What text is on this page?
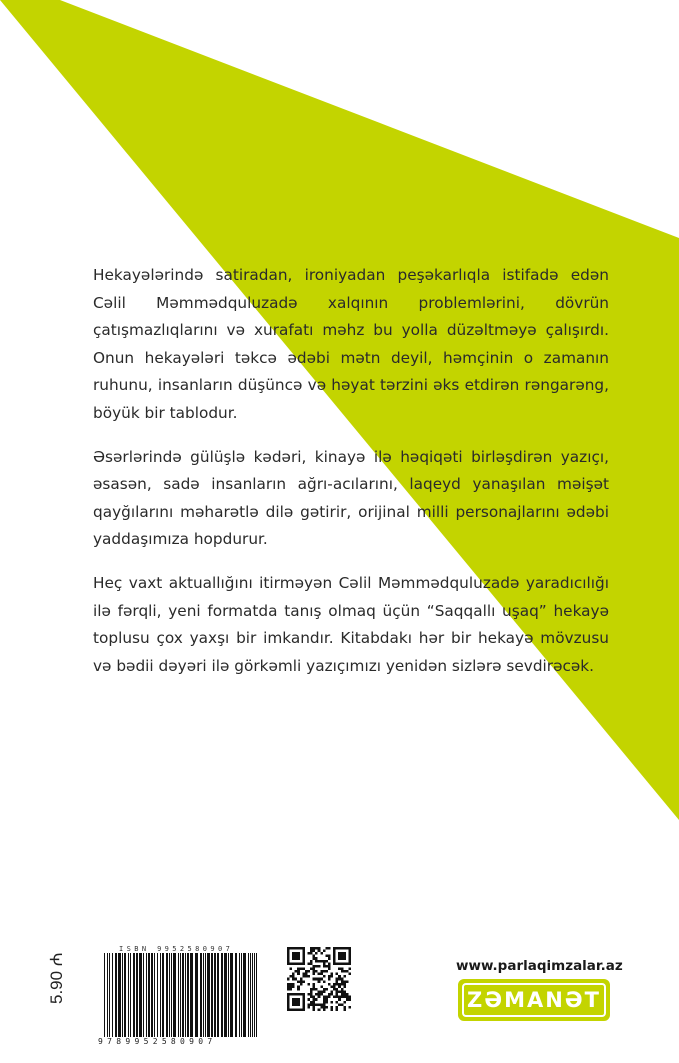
Hekayələrində satiradan, ironiyadan peşəkarlıqla istifadə edən Cəlil Məmmədquluzadə xalqının problemlərini, dövrün çatışmazlıqlarını və xurafatı məhz bu yolla düzəltməyə çalışırdı. Onun hekayələri təkcə ədəbi mətn deyil, həmçinin o zamanın ruhunu, insanların düşüncə və həyat tərzini əks etdirən rəngarəng, böyük bir tablodur.

Əsərlərində gülüşlə kədəri, kinayə ilə həqiqəti birləşdirən yazıçı, əsasən, sadə insanların ağrı-acılarını, laqeyd yanaşılan məişət qayğılarını məharətlə dilə gətirir, orijinal milli personajlarını ədəbi yaddaşımıza hopdurur.

Heç vaxt aktuallığını itirməyən Cəlil Məmmədquluzadə yaradıcılığı ilə fərqli, yeni formatda tanış olmaq üçün “Saqqallı uşaq” hekayə toplusu çox yaxşı bir imkandır. Kitabdakı hər bir hekayə mövzusu və bədii dəyəri ilə görkəmli yazıçımızı yenidən sizlərə sevdirəcək.

5.90 ₼
ISBN 9952580907
9789952580907
www.parlaqimzalar.az
ZƏMANƏT
